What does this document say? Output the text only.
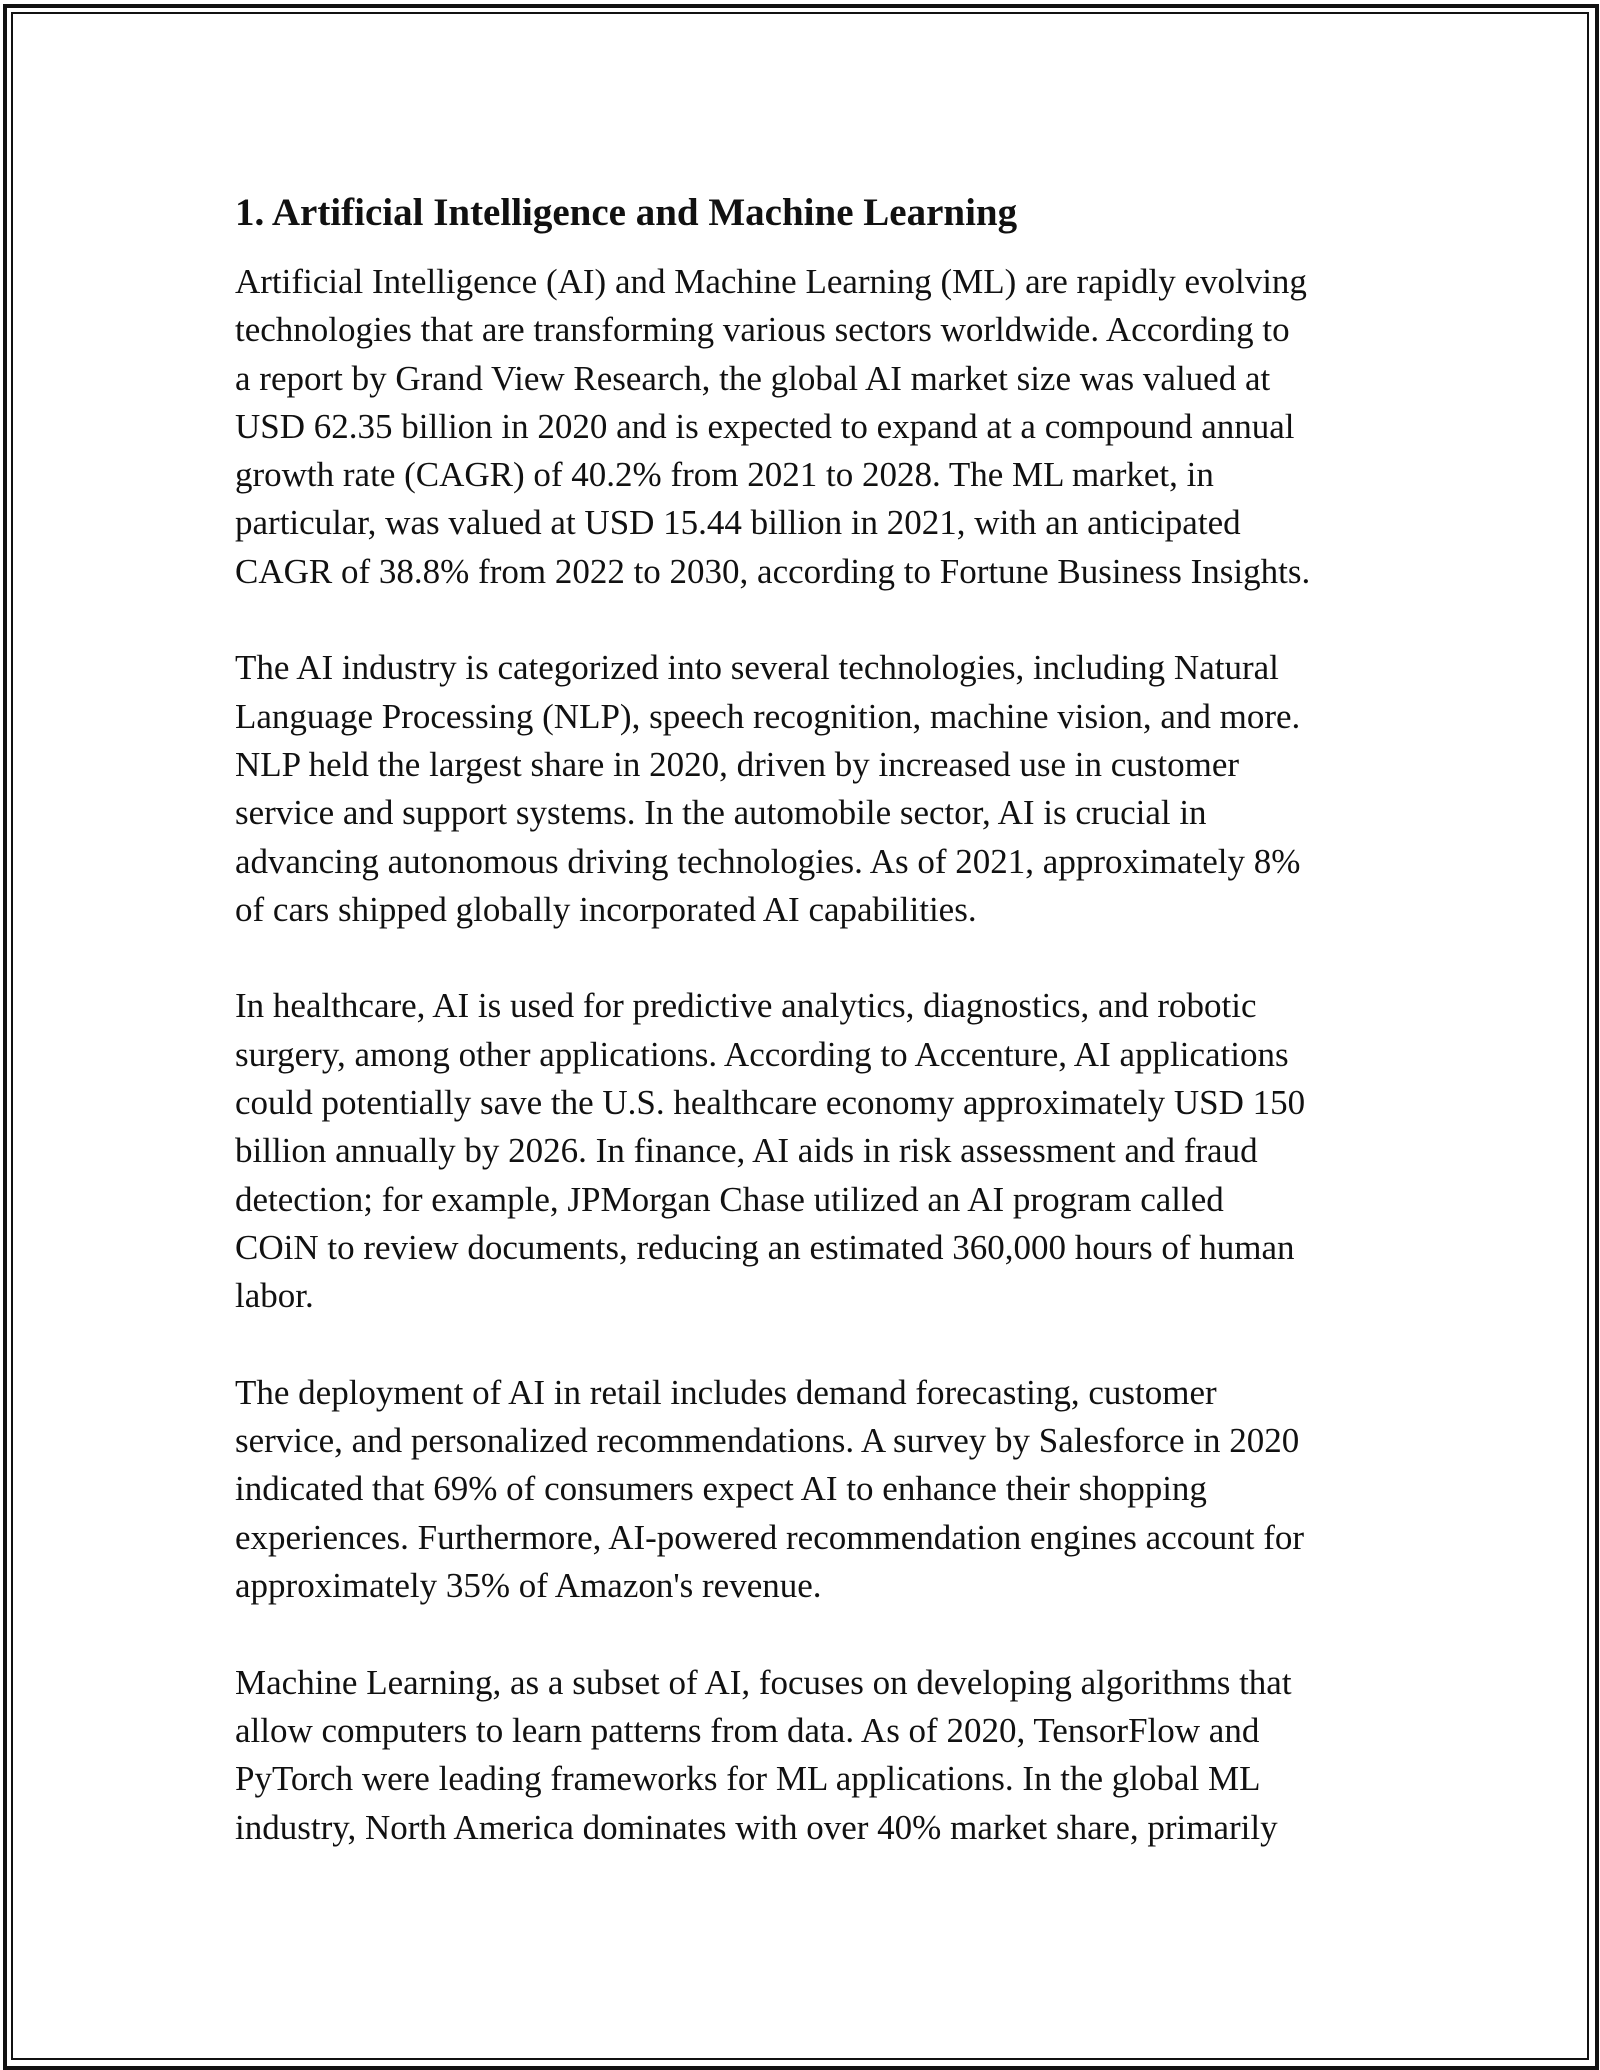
1. Artificial Intelligence and Machine Learning
Artificial Intelligence (AI) and Machine Learning (ML) are rapidly evolving
technologies that are transforming various sectors worldwide. According to
a report by Grand View Research, the global AI market size was valued at
USD 62.35 billion in 2020 and is expected to expand at a compound annual
growth rate (CAGR) of 40.2% from 2021 to 2028. The ML market, in
particular, was valued at USD 15.44 billion in 2021, with an anticipated
CAGR of 38.8% from 2022 to 2030, according to Fortune Business Insights.
The AI industry is categorized into several technologies, including Natural
Language Processing (NLP), speech recognition, machine vision, and more.
NLP held the largest share in 2020, driven by increased use in customer
service and support systems. In the automobile sector, AI is crucial in
advancing autonomous driving technologies. As of 2021, approximately 8%
of cars shipped globally incorporated AI capabilities.
In healthcare, AI is used for predictive analytics, diagnostics, and robotic
surgery, among other applications. According to Accenture, AI applications
could potentially save the U.S. healthcare economy approximately USD 150
billion annually by 2026. In finance, AI aids in risk assessment and fraud
detection; for example, JPMorgan Chase utilized an AI program called
COiN to review documents, reducing an estimated 360,000 hours of human
labor.
The deployment of AI in retail includes demand forecasting, customer
service, and personalized recommendations. A survey by Salesforce in 2020
indicated that 69% of consumers expect AI to enhance their shopping
experiences. Furthermore, AI-powered recommendation engines account for
approximately 35% of Amazon's revenue.
Machine Learning, as a subset of AI, focuses on developing algorithms that
allow computers to learn patterns from data. As of 2020, TensorFlow and
PyTorch were leading frameworks for ML applications. In the global ML
industry, North America dominates with over 40% market share, primarily
